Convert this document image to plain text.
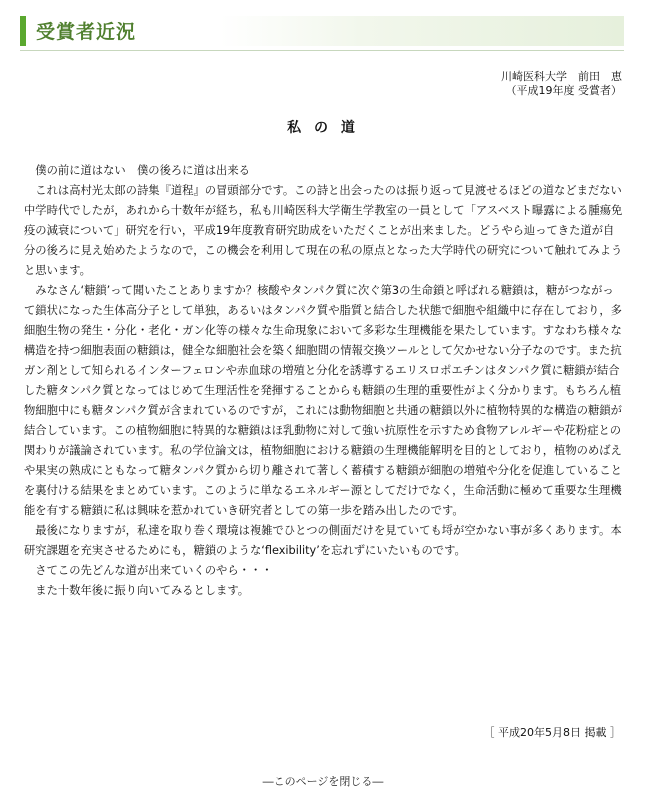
受賞者近況
川崎医科大学　前田　恵
（平成19年度 受賞者）
私 の 道

僕の前に道はない　僕の後ろに道は出来る

これは高村光太郎の詩集『道程』の冒頭部分です。この詩と出会ったのは振り返って見渡せるほどの道などまだない中学時代でしたが，あれから十数年が経ち，私も川崎医科大学衛生学教室の一員として「アスベスト曝露による腫瘍免疫の減衰について」研究を行い，平成19年度教育研究助成をいただくことが出来ました。どうやら辿ってきた道が自分の後ろに見え始めたようなので，この機会を利用して現在の私の原点となった大学時代の研究について触れてみようと思います。

みなさん‘糖鎖’って聞いたことありますか？核酸やタンパク質に次ぐ第3の生命鎖と呼ばれる糖鎖は，糖がつながって鎖状になった生体高分子として単独，あるいはタンパク質や脂質と結合した状態で細胞や組織中に存在しており，多細胞生物の発生・分化・老化・ガン化等の様々な生命現象において多彩な生理機能を果たしています。すなわち様々な構造を持つ細胞表面の糖鎖は，健全な細胞社会を築く細胞間の情報交換ツールとして欠かせない分子なのです。また抗ガン剤として知られるインターフェロンや赤血球の増殖と分化を誘導するエリスロポエチンはタンパク質に糖鎖が結合した糖タンパク質となってはじめて生理活性を発揮することからも糖鎖の生理的重要性がよく分かります。もちろん植物細胞中にも糖タンパク質が含まれているのですが，これには動物細胞と共通の糖鎖以外に植物特異的な構造の糖鎖が結合しています。この植物細胞に特異的な糖鎖はほ乳動物に対して強い抗原性を示すため食物アレルギーや花粉症との関わりが議論されています。私の学位論文は，植物細胞における糖鎖の生理機能解明を目的としており，植物のめばえや果実の熟成にともなって糖タンパク質から切り離されて著しく蓄積する糖鎖が細胞の増殖や分化を促進していることを裏付ける結果をまとめています。このように単なるエネルギー源としてだけでなく，生命活動に極めて重要な生理機能を有する糖鎖に私は興味を惹かれていき研究者としての第一歩を踏み出したのです。

最後になりますが，私達を取り巻く環境は複雑でひとつの側面だけを見ていても埒が空かない事が多くあります。本研究課題を充実させるためにも，糖鎖のような‘flexibility’を忘れずにいたいものです。

さてこの先どんな道が出来ていくのやら・・・

また十数年後に振り向いてみるとします。

［ 平成20年5月8日 掲載 ］
―このページを閉じる―
